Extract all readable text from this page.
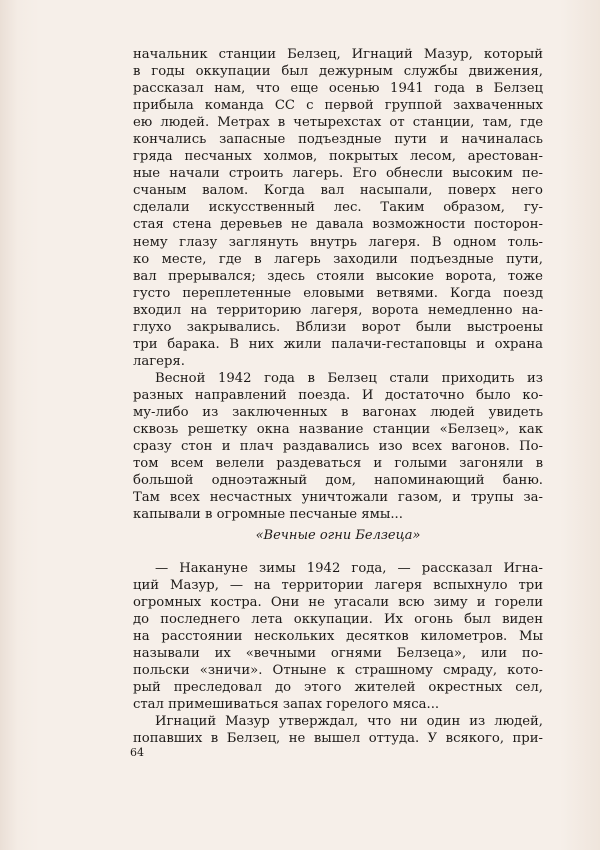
начальник станции Белзец, Игнаций Мазур, который
в годы оккупации был дежурным службы движения,
рассказал нам, что еще осенью 1941 года в Белзец
прибыла команда СС с первой группой захваченных
ею людей. Метрах в четырехстах от станции, там, где
кончались запасные подъездные пути и начиналась
гряда песчаных холмов, покрытых лесом, арестован-
ные начали строить лагерь. Его обнесли высоким пе-
счаным валом. Когда вал насыпали, поверх него
сделали искусственный лес. Таким образом, гу-
стая стена деревьев не давала возможности посторон-
нему глазу заглянуть внутрь лагеря. В одном толь-
ко месте, где в лагерь заходили подъездные пути,
вал прерывался; здесь стояли высокие ворота, тоже
густо переплетенные еловыми ветвями. Когда поезд
входил на территорию лагеря, ворота немедленно на-
глухо закрывались. Вблизи ворот были выстроены
три барака. В них жили палачи-гестаповцы и охрана
лагеря.
Весной 1942 года в Белзец стали приходить из
разных направлений поезда. И достаточно было ко-
му-либо из заключенных в вагонах людей увидеть
сквозь решетку окна название станции «Белзец», как
сразу стон и плач раздавались изо всех вагонов. По-
том всем велели раздеваться и голыми загоняли в
большой одноэтажный дом, напоминающий баню.
Там всех несчастных уничтожали газом, и трупы за-
капывали в огромные песчаные ямы...
«Вечные огни Белзеца»
— Накануне зимы 1942 года, — рассказал Игна-
ций Мазур, — на территории лагеря вспыхнуло три
огромных костра. Они не угасали всю зиму и горели
до последнего лета оккупации. Их огонь был виден
на расстоянии нескольких десятков километров. Мы
называли их «вечными огнями Белзеца», или по-
польски «зничи». Отныне к страшному смраду, кото-
рый преследовал до этого жителей окрестных сел,
стал примешиваться запах горелого мяса...
Игнаций Мазур утверждал, что ни один из людей,
попавших в Белзец, не вышел оттуда. У всякого, при-
64
